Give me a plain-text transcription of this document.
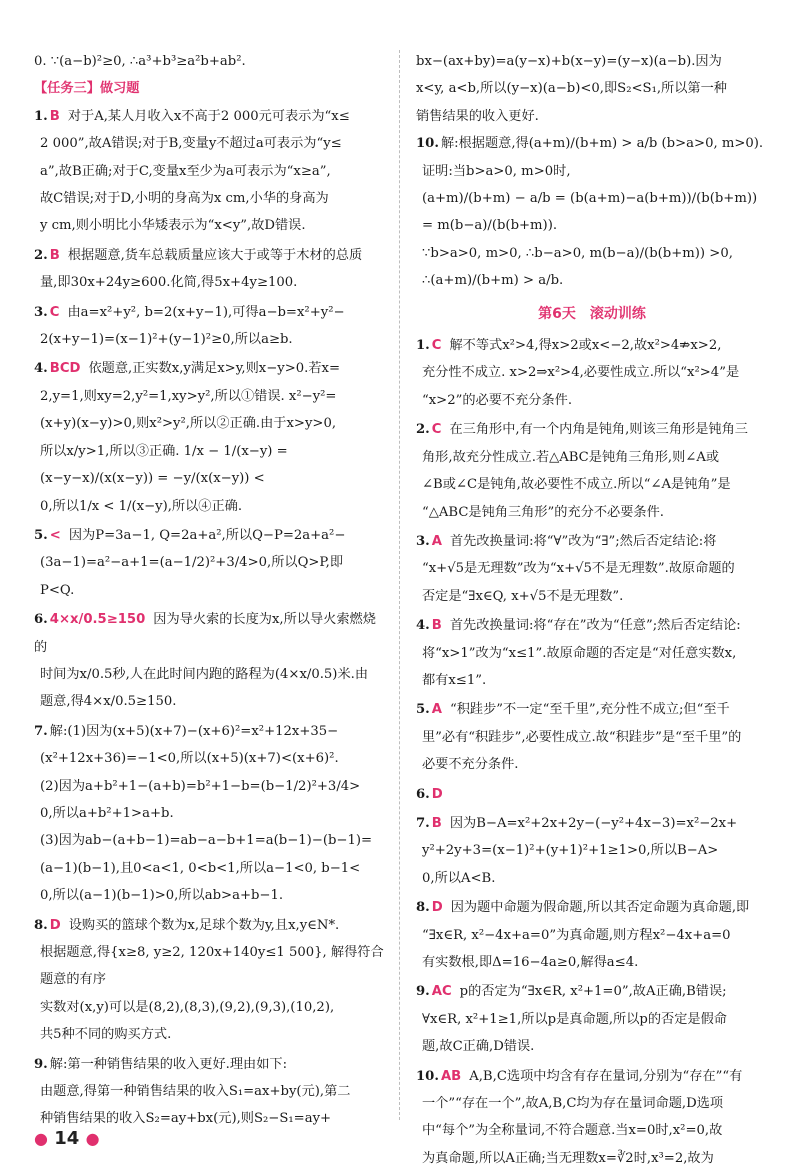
0. ∵(a−b)²≥0, ∴a³+b³≥a²b+ab².

【任务三】做习题

1. B 对于A,某人月收入x不高于2 000元可表示为“x≤

2 000”,故A错误;对于B,变量y不超过a可表示为“y≤

a”,故B正确;对于C,变量x至少为a可表示为“x≥a”,

故C错误;对于D,小明的身高为x cm,小华的身高为

y cm,则小明比小华矮表示为“x<y”,故D错误.

2. B 根据题意,货车总载质量应该大于或等于木材的总质

量,即30x+24y≥600.化简,得5x+4y≥100.

3. C 由a=x²+y², b=2(x+y−1),可得a−b=x²+y²−

2(x+y−1)=(x−1)²+(y−1)²≥0,所以a≥b.

4. BCD 依题意,正实数x,y满足x>y,则x−y>0.若x=

2,y=1,则xy=2,y²=1,xy>y²,所以①错误. x²−y²=

(x+y)(x−y)>0,则x²>y²,所以②正确.由于x>y>0,

所以x/y>1,所以③正确. 1/x − 1/(x−y) = (x−y−x)/(x(x−y)) = −y/(x(x−y)) <

0,所以1/x < 1/(x−y),所以④正确.

5. < 因为P=3a−1, Q=2a+a²,所以Q−P=2a+a²−

(3a−1)=a²−a+1=(a−1/2)²+3/4>0,所以Q>P,即

P<Q.

6. 4×x/0.5≥150 因为导火索的长度为x,所以导火索燃烧的

时间为x/0.5秒,人在此时间内跑的路程为(4×x/0.5)米.由

题意,得4×x/0.5≥150.

7. 解:(1)因为(x+5)(x+7)−(x+6)²=x²+12x+35−

(x²+12x+36)=−1<0,所以(x+5)(x+7)<(x+6)².

(2)因为a+b²+1−(a+b)=b²+1−b=(b−1/2)²+3/4>

0,所以a+b²+1>a+b.

(3)因为ab−(a+b−1)=ab−a−b+1=a(b−1)−(b−1)=

(a−1)(b−1),且0<a<1, 0<b<1,所以a−1<0, b−1<

0,所以(a−1)(b−1)>0,所以ab>a+b−1.

8. D 设购买的篮球个数为x,足球个数为y,且x,y∈N*.

根据题意,得{x≥8, y≥2, 120x+140y≤1 500}, 解得符合题意的有序

实数对(x,y)可以是(8,2),(8,3),(9,2),(9,3),(10,2),

共5种不同的购买方式.

9. 解:第一种销售结果的收入更好.理由如下:

由题意,得第一种销售结果的收入S₁=ax+by(元),第二

种销售结果的收入S₂=ay+bx(元),则S₂−S₁=ay+

bx−(ax+by)=a(y−x)+b(x−y)=(y−x)(a−b).因为

x<y, a<b,所以(y−x)(a−b)<0,即S₂<S₁,所以第一种

销售结果的收入更好.

10. 解:根据题意,得(a+m)/(b+m) > a/b (b>a>0, m>0).

证明:当b>a>0, m>0时,

(a+m)/(b+m) − a/b = (b(a+m)−a(b+m))/(b(b+m)) = m(b−a)/(b(b+m)).

∵b>a>0, m>0, ∴b−a>0, m(b−a)/(b(b+m)) >0,

∴(a+m)/(b+m) > a/b.

第6天　滚动训练

1. C 解不等式x²>4,得x>2或x<−2,故x²>4⇏x>2,

充分性不成立. x>2⇒x²>4,必要性成立.所以“x²>4”是

“x>2”的必要不充分条件.

2. C 在三角形中,有一个内角是钝角,则该三角形是钝角三

角形,故充分性成立.若△ABC是钝角三角形,则∠A或

∠B或∠C是钝角,故必要性不成立.所以“∠A是钝角”是

“△ABC是钝角三角形”的充分不必要条件.

3. A 首先改换量词:将“∀”改为“∃”;然后否定结论:将

“x+√5是无理数”改为“x+√5不是无理数”.故原命题的

否定是“∃x∈Q, x+√5不是无理数”.

4. B 首先改换量词:将“存在”改为“任意”;然后否定结论:

将“x>1”改为“x≤1”.故原命题的否定是“对任意实数x,

都有x≤1”.

5. A “积跬步”不一定“至千里”,充分性不成立;但“至千

里”必有“积跬步”,必要性成立.故“积跬步”是“至千里”的

必要不充分条件.

6. D

7. B 因为B−A=x²+2x+2y−(−y²+4x−3)=x²−2x+

y²+2y+3=(x−1)²+(y+1)²+1≥1>0,所以B−A>

0,所以A<B.

8. D 因为题中命题为假命题,所以其否定命题为真命题,即

“∃x∈R, x²−4x+a=0”为真命题,则方程x²−4x+a=0

有实数根,即Δ=16−4a≥0,解得a≤4.

9. AC p的否定为“∃x∈R, x²+1=0”,故A正确,B错误;

∀x∈R, x²+1≥1,所以p是真命题,所以p的否定是假命

题,故C正确,D错误.

10. AB A,B,C选项中均含有存在量词,分别为“存在”“有

一个”“存在一个”,故A,B,C均为存在量词命题,D选项

中“每个”为全称量词,不符合题意.当x=0时,x²=0,故

为真命题,所以A正确;当无理数x=∛2时,x³=2,故为

● 14 ●
